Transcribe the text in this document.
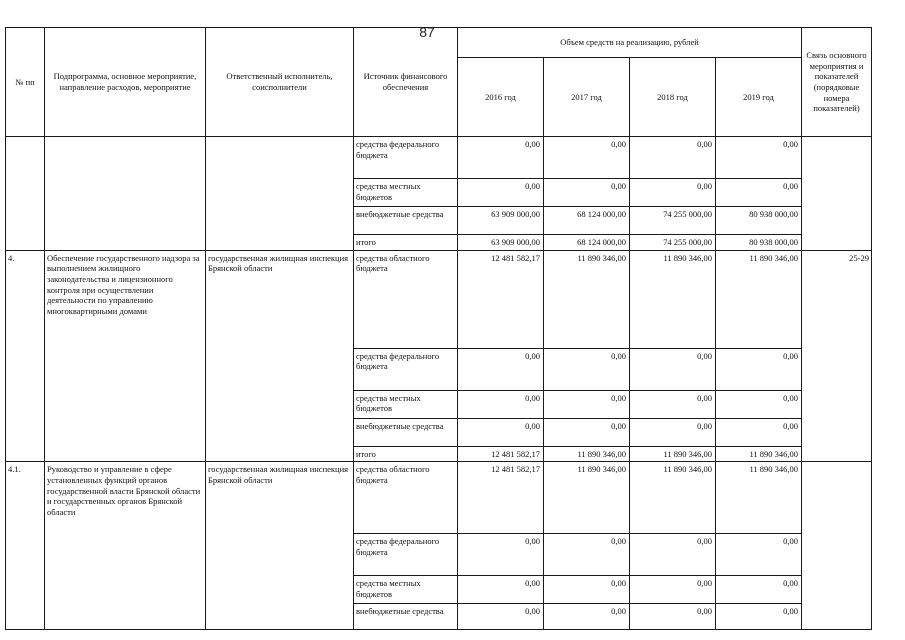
87
№ пп	Подпрограмма, основное мероприятие, направление расходов, мероприятие	Ответственный исполнитель, соисполнители	Источник финансового обеспечения	Объем средств на реализацию, рублей				Связь основного мероприятия и показателей (порядковые номера показателей)
				2016 год	2017 год	2018 год	2019 год	
			средства федерального бюджета	0,00	0,00	0,00	0,00	
			средства местных бюджетов	0,00	0,00	0,00	0,00	
			внебюджетные средства	63 909 000,00	68 124 000,00	74 255 000,00	80 938 000,00	
			итого	63 909 000,00	68 124 000,00	74 255 000,00	80 938 000,00	
4.	Обеспечение государственного надзора за выполнением жилищного законодательства и лицензионного контроля при осуществлении деятельности по управлению многоквартирными домами	государственная жилищная инспекция Брянской области	средства областного бюджета	12 481 582,17	11 890 346,00	11 890 346,00	11 890 346,00	25-29
			средства федерального бюджета	0,00	0,00	0,00	0,00	
			средства местных бюджетов	0,00	0,00	0,00	0,00	
			внебюджетные средства	0,00	0,00	0,00	0,00	
			итого	12 481 582,17	11 890 346,00	11 890 346,00	11 890 346,00	
4.1.	Руководство и управление в сфере установленных функций органов государственной власти Брянской области и государственных органов Брянской области	государственная жилищная инспекция Брянской области	средства областного бюджета	12 481 582,17	11 890 346,00	11 890 346,00	11 890 346,00	
			средства федерального бюджета	0,00	0,00	0,00	0,00	
			средства местных бюджетов	0,00	0,00	0,00	0,00	
			внебюджетные средства	0,00	0,00	0,00	0,00	
